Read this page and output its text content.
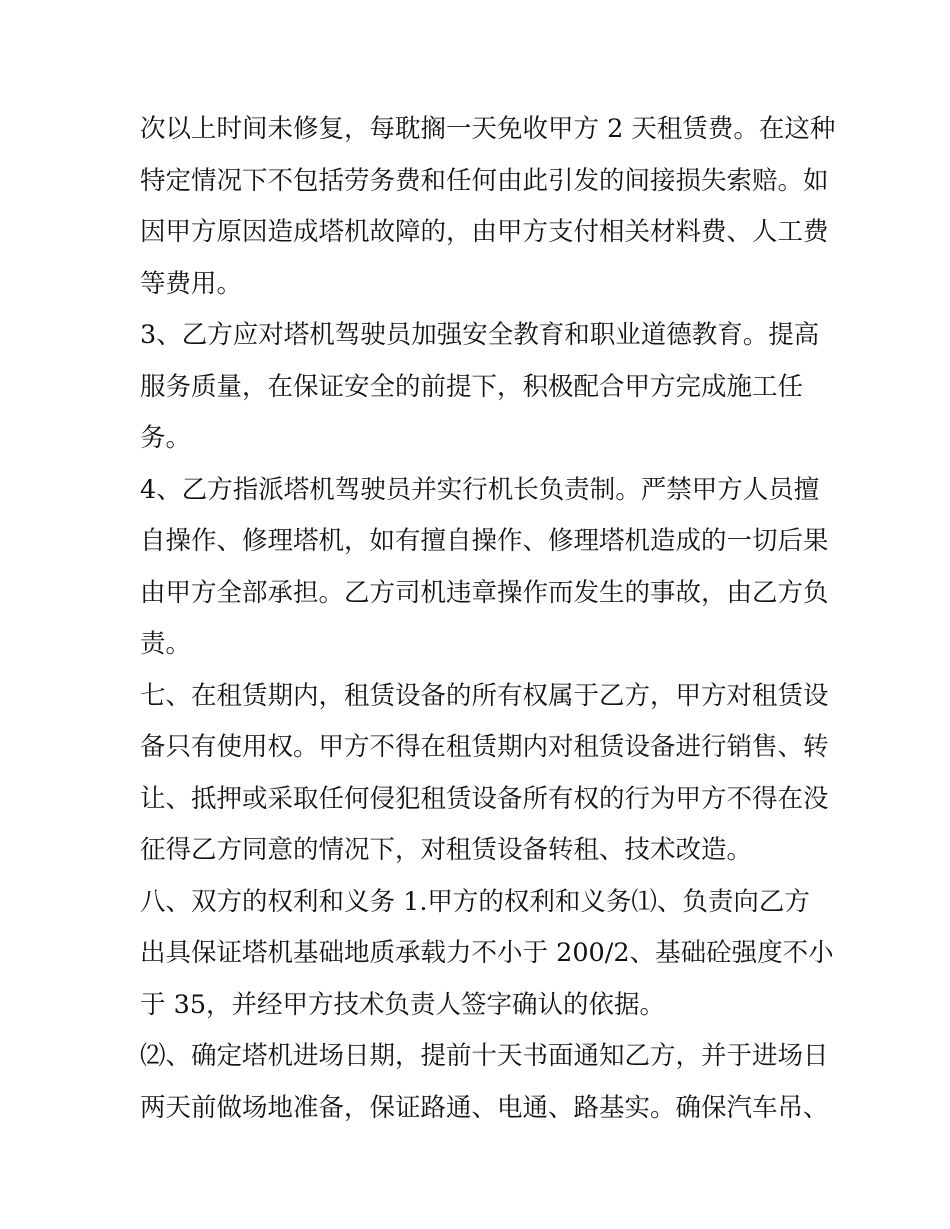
次以上时间未修复，每耽搁一天免收甲方 2 天租赁费。在这种
特定情况下不包括劳务费和任何由此引发的间接损失索赔。如
因甲方原因造成塔机故障的，由甲方支付相关材料费、人工费
等费用。
3、乙方应对塔机驾驶员加强安全教育和职业道德教育。提高
服务质量，在保证安全的前提下，积极配合甲方完成施工任
务。
4、乙方指派塔机驾驶员并实行机长负责制。严禁甲方人员擅
自操作、修理塔机，如有擅自操作、修理塔机造成的一切后果
由甲方全部承担。乙方司机违章操作而发生的事故，由乙方负
责。
七、在租赁期内，租赁设备的所有权属于乙方，甲方对租赁设
备只有使用权。甲方不得在租赁期内对租赁设备进行销售、转
让、抵押或采取任何侵犯租赁设备所有权的行为甲方不得在没
征得乙方同意的情况下，对租赁设备转租、技术改造。
八、双方的权利和义务 1.甲方的权利和义务⑴、负责向乙方
出具保证塔机基础地质承载力不小于 200/2、基础砼强度不小
于 35，并经甲方技术负责人签字确认的依据。
⑵、确定塔机进场日期，提前十天书面通知乙方，并于进场日
两天前做场地准备，保证路通、电通、路基实。确保汽车吊、
